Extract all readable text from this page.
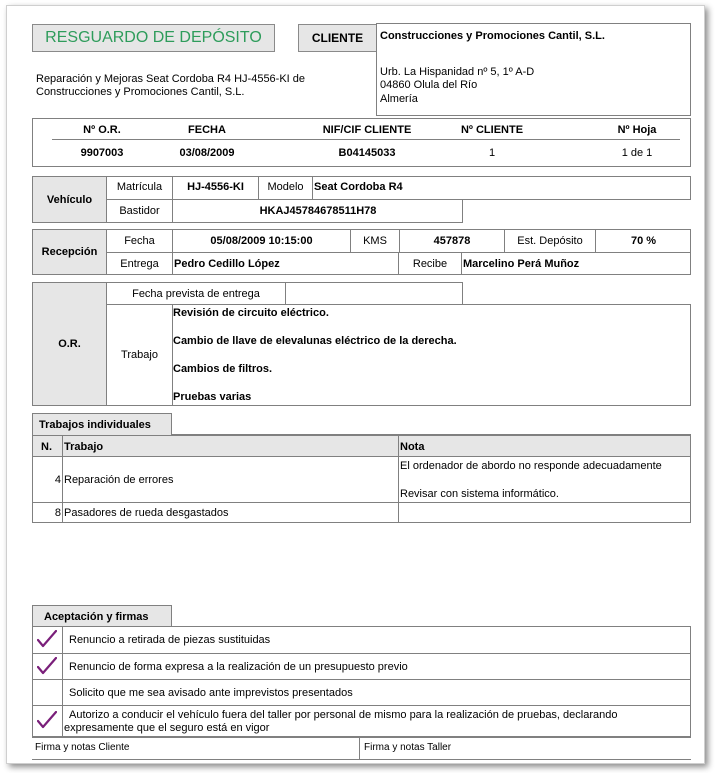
RESGUARDO DE DEPÓSITO	CLIENTE Construcciones y Promociones Cantil, S.L.
Urb. La Hispanidad nº 5, 1º A-D
04860 Olula del Río
Almería
Reparación y Mejoras Seat Cordoba R4 HJ-4556-KI de
Construcciones y Promociones Cantil, S.L.
Nº O.R.	FECHA	NIF/CIF CLIENTE	Nº CLIENTE	Nº Hoja
9907003	03/08/2009	B04145033	1	1 de 1
Vehículo
Matrícula	HJ-4556-KI	Modelo Seat Cordoba R4
Bastidor	HKAJ45784678511H78
Recepción
Fecha	05/08/2009 10:15:00	KMS	457878	Est. Depósito	70 %
Entrega	Pedro Cedillo López	Recibe	Marcelino Perá Muñoz
O.R.
Fecha prevista de entrega
Trabajo
Revisión de circuito eléctrico.
Cambio de llave de elevalunas eléctrico de la derecha.
Cambios de filtros.
Pruebas varias
Trabajos individuales
N. Trabajo	Nota
4 Reparación de errores
El ordenador de abordo no responde adecuadamente
Revisar con sistema informático.
8 Pasadores de rueda desgastados
Aceptación y firmas
Renuncio a retirada de piezas sustituidas
Renuncio de forma expresa a la realización de un presupuesto previo
Solicito que me sea avisado ante imprevistos presentados
Autorizo a conducir el vehículo fuera del taller por personal de mismo para la realización de pruebas, declarando
expresamente que el seguro está en vigor
Firma y notas Cliente	Firma y notas Taller
